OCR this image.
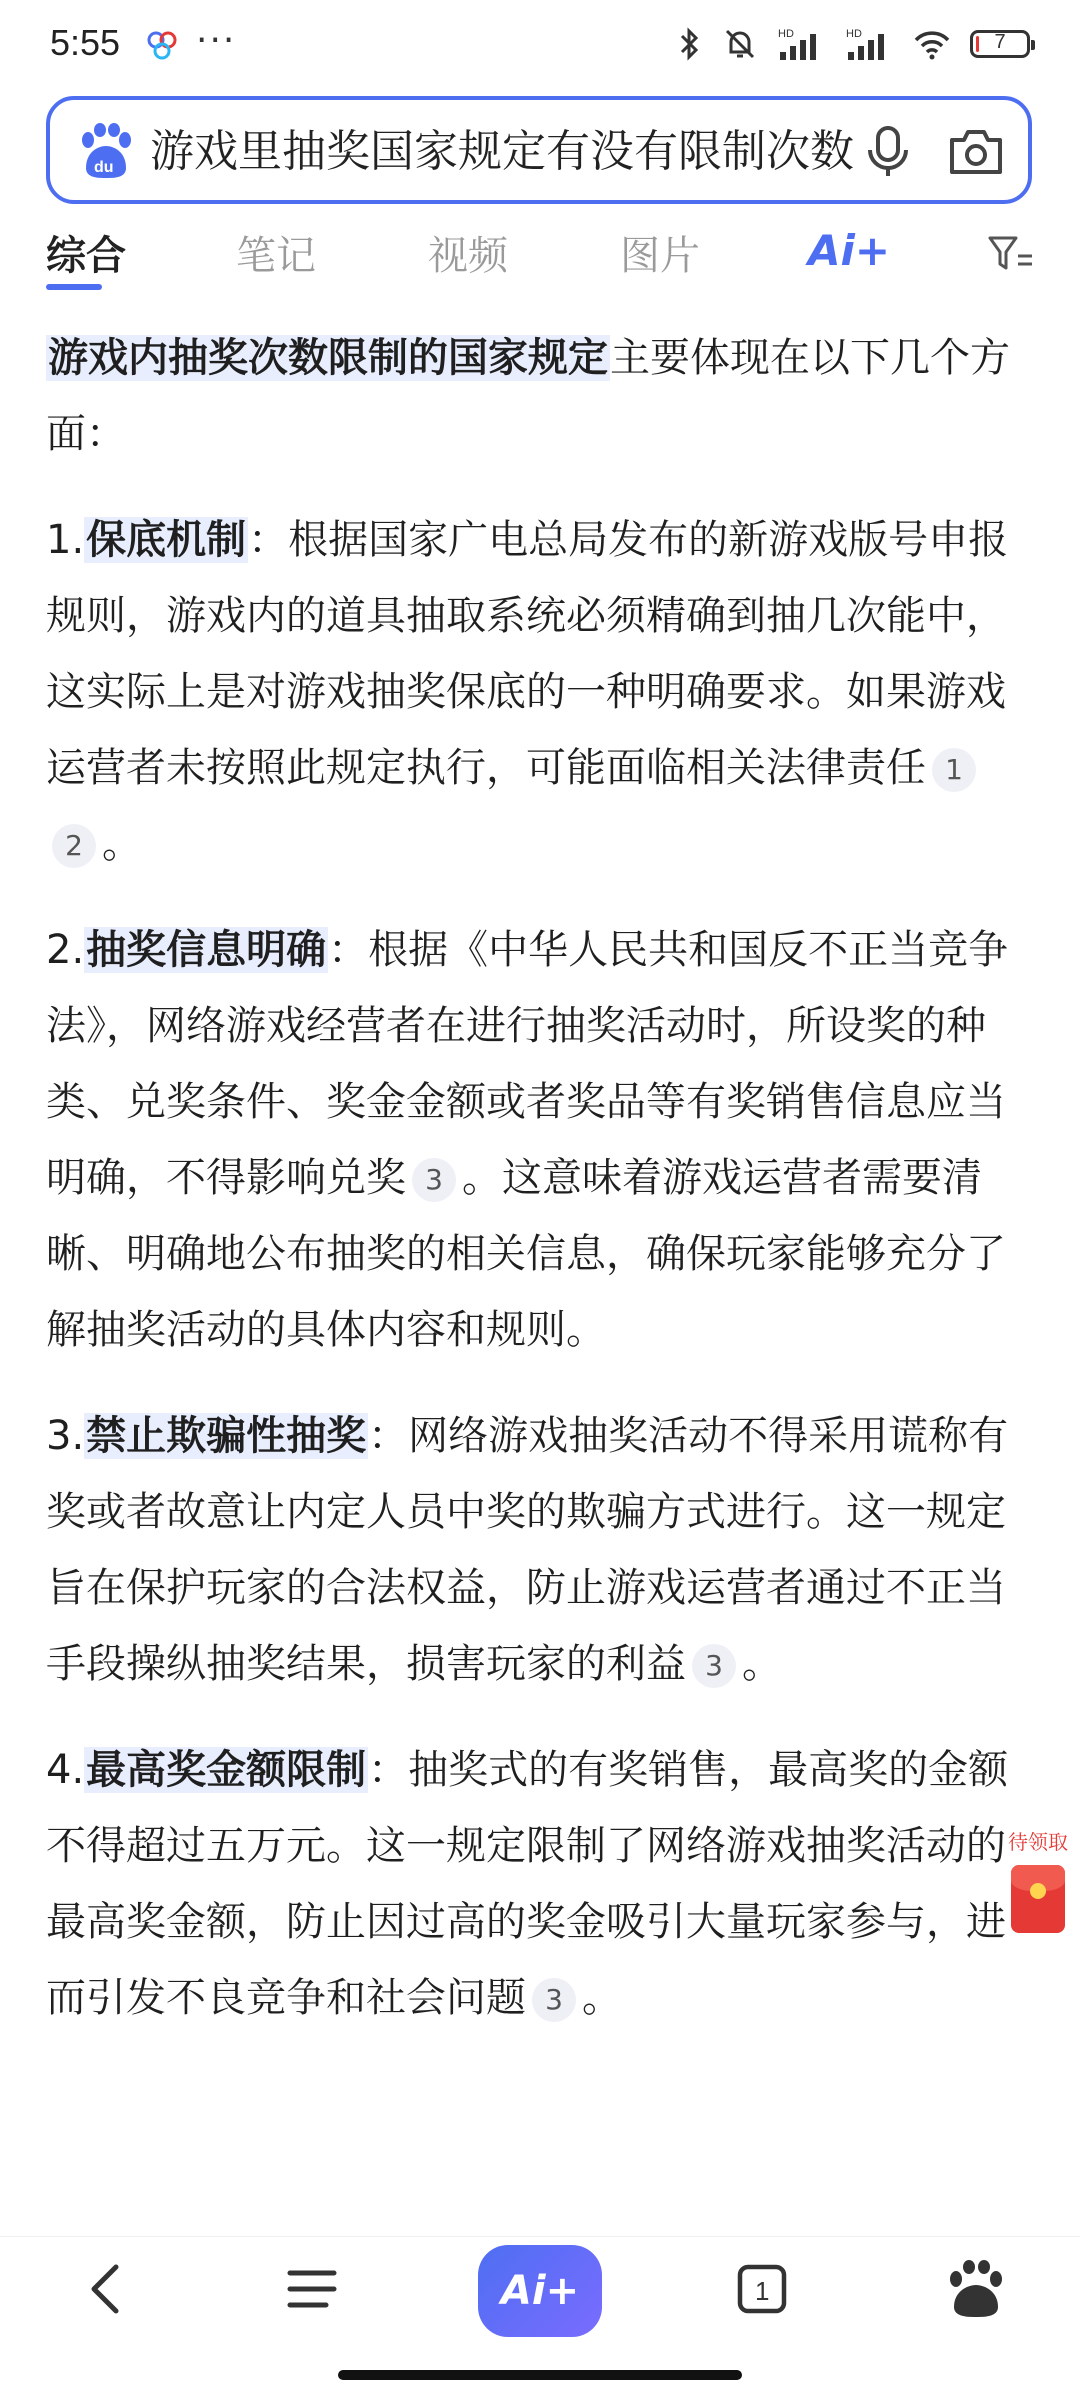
5:55 ···	HD	HD	7
du 游戏里抽奖国家规定有没有限制次数
综合	笔记	视频	图片	Ai+

游戏内抽奖次数限制的国家规定主要体现在以下几个方面：

1.保底机制：根据国家广电总局发布的新游戏版号申报规则，游戏内的道具抽取系统必须精确到抽几次能中，这实际上是对游戏抽奖保底的一种明确要求。如果游戏运营者未按照此规定执行，可能面临相关法律责任 12 。

2.抽奖信息明确：根据《中华人民共和国反不正当竞争法》，网络游戏经营者在进行抽奖活动时，所设奖的种类、兑奖条件、奖金金额或者奖品等有奖销售信息应当明确，不得影响兑奖 3 。这意味着游戏运营者需要清晰、明确地公布抽奖的相关信息，确保玩家能够充分了解抽奖活动的具体内容和规则。

3.禁止欺骗性抽奖：网络游戏抽奖活动不得采用谎称有奖或者故意让内定人员中奖的欺骗方式进行。这一规定旨在保护玩家的合法权益，防止游戏运营者通过不正当手段操纵抽奖结果，损害玩家的利益 3 。

4.最高奖金额限制：抽奖式的有奖销售，最高奖的金额不得超过五万元。这一规定限制了网络游戏抽奖活动的最高奖金额，防止因过高的奖金吸引大量玩家参与，进而引发不良竞争和社会问题 3 。

待领取
Ai+	1
